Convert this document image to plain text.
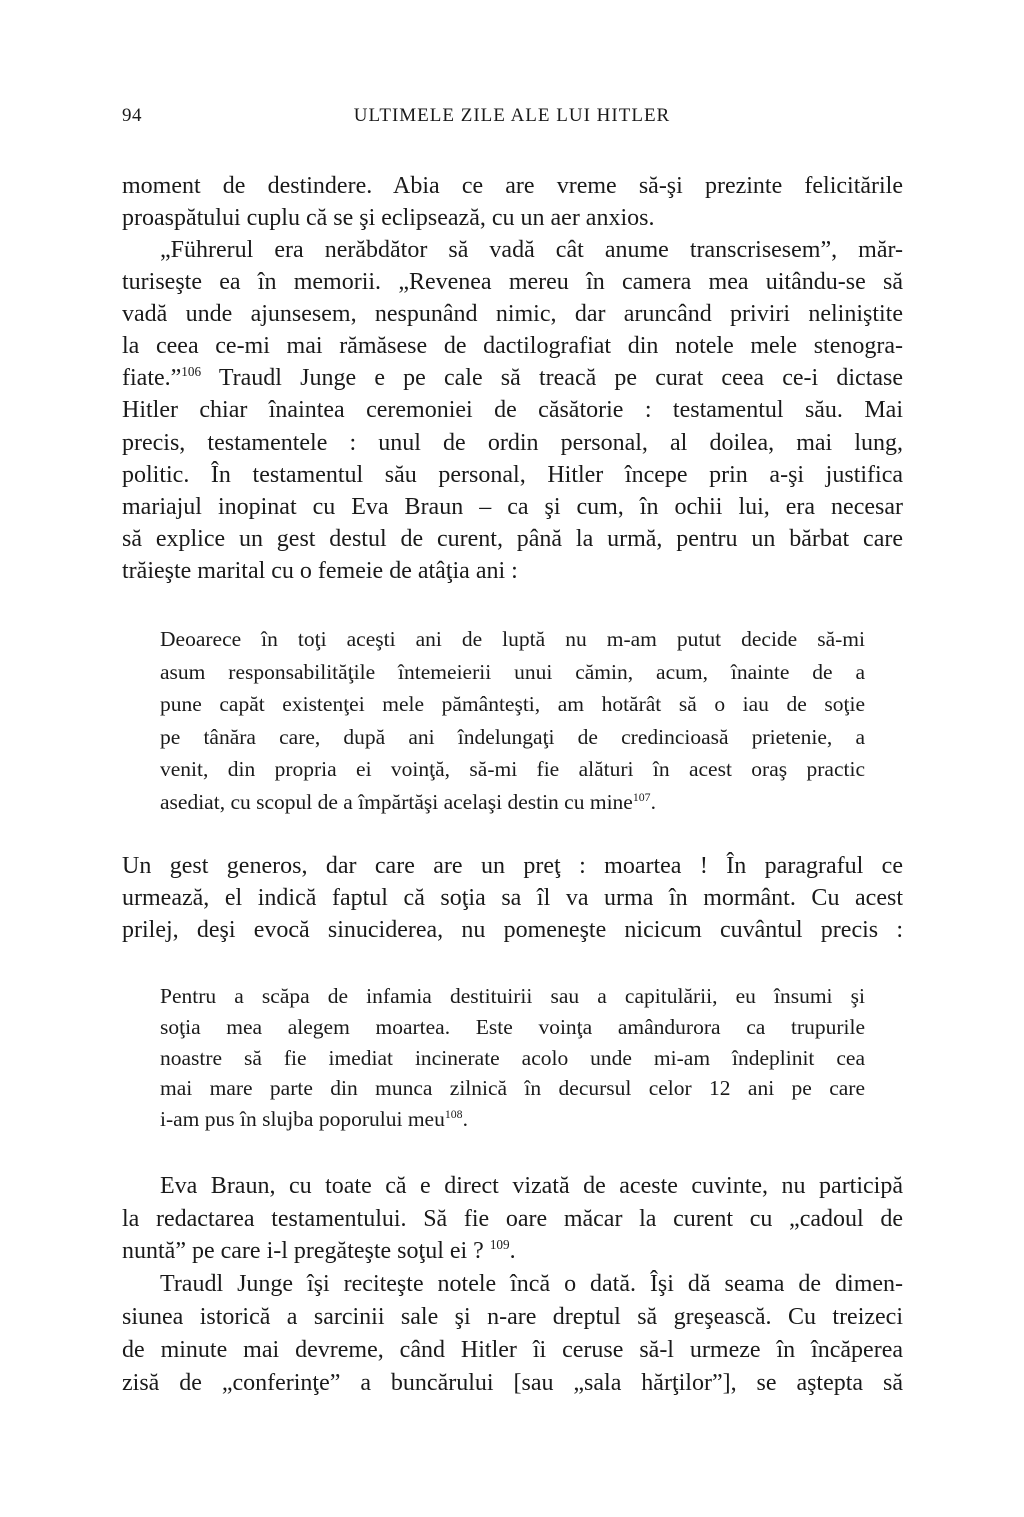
94	ULTIMELE ZILE ALE LUI HITLER
moment de destindere. Abia ce are vreme să-şi prezinte felicitările
proaspătului cuplu că se şi eclipsează, cu un aer anxios.
„Führerul era nerăbdător să vadă cât anume transcrisesem”, măr-
turiseşte ea în memorii. „Revenea mereu în camera mea uitându-se să
vadă unde ajunsesem, nespunând nimic, dar aruncând priviri neliniştite
la ceea ce-mi mai rămăsese de dactilografiat din notele mele stenogra-
fiate.”$^{106}$ Traudl Junge e pe cale să treacă pe curat ceea ce-i dictase
Hitler chiar înaintea ceremoniei de căsătorie : testamentul său. Mai
precis, testamentele : unul de ordin personal, al doilea, mai lung,
politic. În testamentul său personal, Hitler începe prin a-şi justifica
mariajul inopinat cu Eva Braun – ca şi cum, în ochii lui, era necesar
să explice un gest destul de curent, până la urmă, pentru un bărbat care
trăieşte marital cu o femeie de atâţia ani :
Deoarece în toţi aceşti ani de luptă nu m-am putut decide să-mi
asum responsabilităţile întemeierii unui cămin, acum, înainte de a
pune capăt existenţei mele pământeşti, am hotărât să o iau de soţie
pe tânăra care, după ani îndelungaţi de credincioasă prietenie, a
venit, din propria ei voinţă, să-mi fie alături în acest oraş practic
asediat, cu scopul de a împărtăşi acelaşi destin cu mine$^{107}$.
Un gest generos, dar care are un preţ : moartea ! În paragraful ce
urmează, el indică faptul că soţia sa îl va urma în mormânt. Cu acest
prilej, deşi evocă sinuciderea, nu pomeneşte nicicum cuvântul precis :
Pentru a scăpa de infamia destituirii sau a capitulării, eu însumi şi
soţia mea alegem moartea. Este voinţa amândurora ca trupurile
noastre să fie imediat incinerate acolo unde mi-am îndeplinit cea
mai mare parte din munca zilnică în decursul celor 12 ani pe care
i-am pus în slujba poporului meu$^{108}$.
Eva Braun, cu toate că e direct vizată de aceste cuvinte, nu participă
la redactarea testamentului. Să fie oare măcar la curent cu „cadoul de
nuntă” pe care i-l pregăteşte soţul ei ? $^{109}$.
Traudl Junge îşi reciteşte notele încă o dată. Îşi dă seama de dimen-
siunea istorică a sarcinii sale şi n-are dreptul să greşească. Cu treizeci
de minute mai devreme, când Hitler îi ceruse să-l urmeze în încăperea
zisă de „conferinţe” a buncărului [sau „sala hărţilor”], se aştepta să
